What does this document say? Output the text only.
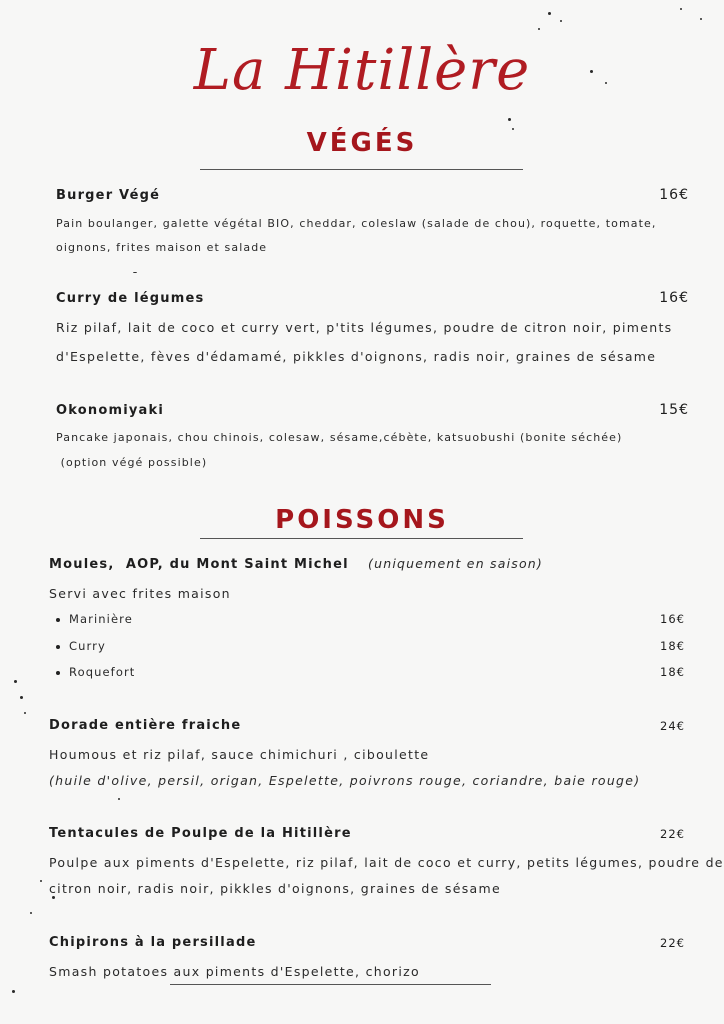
La Hitillère
VÉGÉS
Burger Végé	16€
Pain boulanger, galette végétal BIO, cheddar, coleslaw (salade de chou), roquette, tomate,
oignons, frites maison et salade
Curry de légumes	16€
Riz pilaf, lait de coco et curry vert, p'tits légumes, poudre de citron noir, piments
d'Espelette, fèves d'édamamé, pikkles d'oignons, radis noir, graines de sésame
Okonomiyaki	15€
Pancake japonais, chou chinois, colesaw, sésame,cébète, katsuobushi (bonite séchée)
(option végé possible)
POISSONS
Moules,  AOP, du Mont Saint Michel (uniquement en saison)
Servi avec frites maison
Marinière	16€
Curry	18€
Roquefort	18€
Dorade entière fraiche	24€
Houmous et riz pilaf, sauce chimichuri , ciboulette
(huile d'olive, persil, origan, Espelette, poivrons rouge, coriandre, baie rouge)
Tentacules de Poulpe de la Hitillère	22€
Poulpe aux piments d'Espelette, riz pilaf, lait de coco et curry, petits légumes, poudre de
citron noir, radis noir, pikkles d'oignons, graines de sésame
Chipirons à la persillade	22€
Smash potatoes aux piments d'Espelette, chorizo
